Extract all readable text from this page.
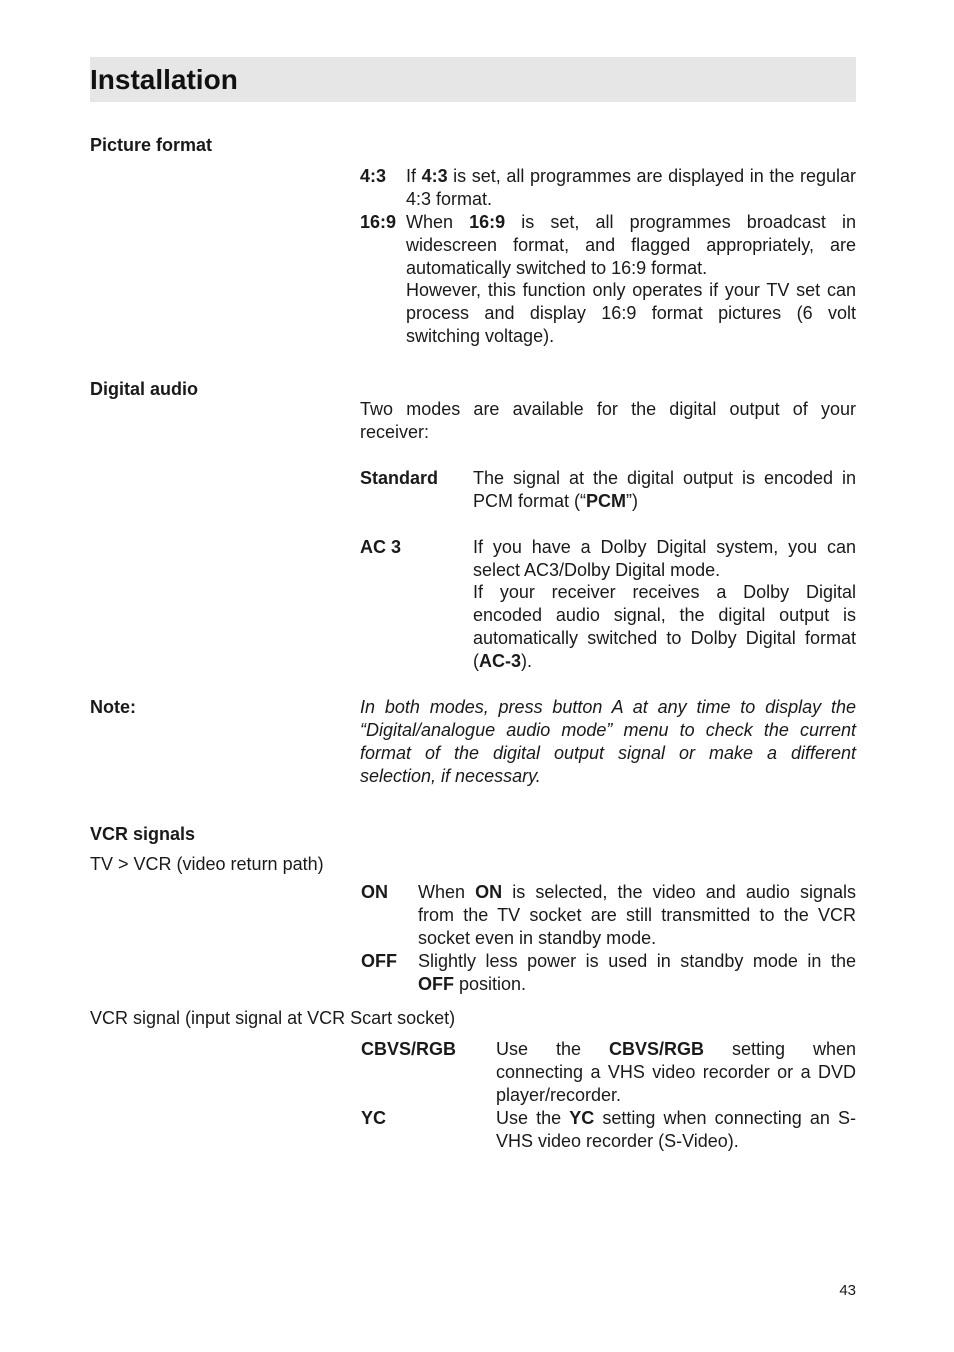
Installation
Picture format
4:3 If 4:3 is set, all programmes are displayed in the regular 4:3 format.
16:9 When 16:9 is set, all programmes broadcast in widescreen format, and flagged appropriately, are automatically switched to 16:9 format.
However, this function only operates if your TV set can process and display 16:9 format pictures (6 volt switching voltage).
Digital audio
Two modes are available for the digital output of your receiver:
Standard The signal at the digital output is encoded in PCM format (“PCM”)
AC 3	If you have a Dolby Digital system, you can select AC3/Dolby Digital mode.
If your receiver receives a Dolby Digital encoded audio signal, the digital output is automatically switched to Dolby Digital format (AC-3).
Note:	In both modes, press button A at any time to display the “Digital/analogue audio mode” menu to check the current format of the digital output signal or make a different selection, if necessary.
VCR signals
TV > VCR (video return path)
ON When ON is selected, the video and audio signals from the TV socket are still transmitted to the VCR socket even in standby mode.
OFF Slightly less power is used in standby mode in the OFF position.
VCR signal (input signal at VCR Scart socket)
CBVS/RGB Use the CBVS/RGB setting when connecting a VHS video recorder or a DVD player/recorder.
YC	Use the YC setting when connecting an S-VHS video recorder (S-Video).
43
